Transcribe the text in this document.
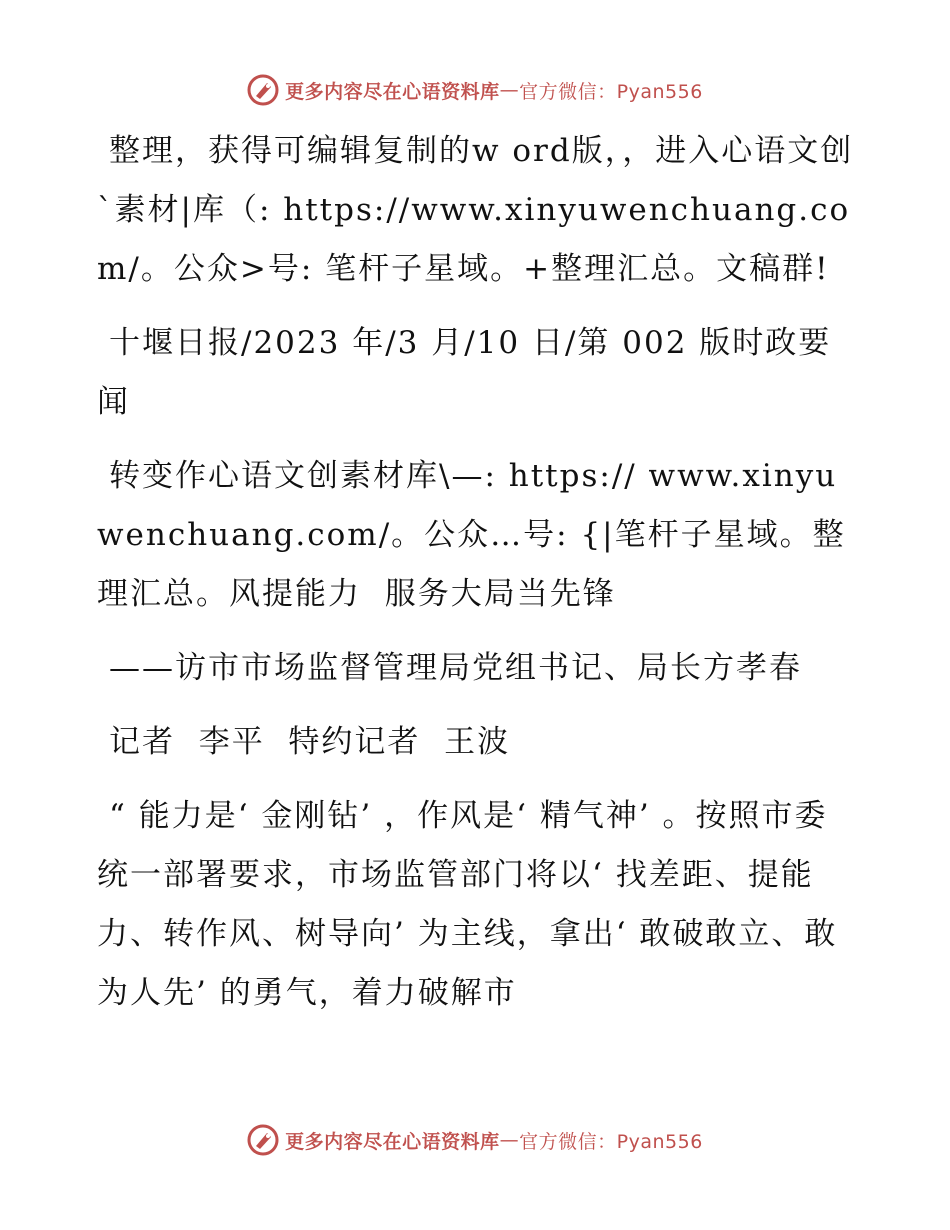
更多内容尽在心语资料库 — 官方微信：Pyan556

整理，获得可编辑复制的w ord版，，进入心语文创`素材|库（: https://www.xinyuwenchuang.com/。公众>号: 笔杆子星域。+整理汇总。文稿群!

十堰日报/2023 年/3 月/10 日/第 002 版时政要闻

转变作心语文创素材库\—: https:// www.xinyuwenchuang.com/。公众…号: {|笔杆子星域。整理汇总。风提能力  服务大局当先锋

——访市市场监督管理局党组书记、局长方孝春

记者  李平  特约记者  王波

“ 能力是‘ 金刚钻’ ，作风是‘ 精气神’ 。按照市委统一部署要求，市场监管部门将以‘ 找差距、提能力、转作风、树导向’ 为主线，拿出‘ 敢破敢立、敢为人先’ 的勇气，着力破解市

更多内容尽在心语资料库 — 官方微信：Pyan556
